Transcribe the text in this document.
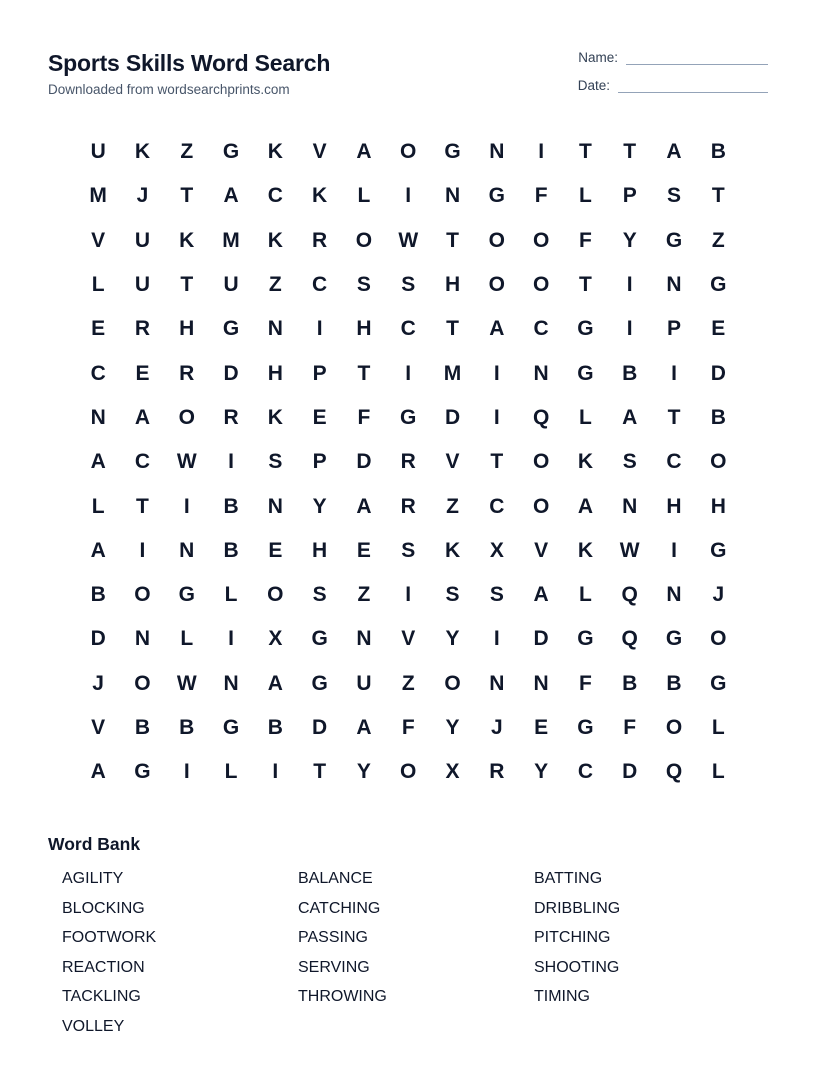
Sports Skills Word Search
Downloaded from wordsearchprints.com
Name:
Date:
U	K	Z	G	K	V	A	O	G	N	I	T	T	A	B
M	J	T	A	C	K	L	I	N	G	F	L	P	S	T
V	U	K	M	K	R	O	W	T	O	O	F	Y	G	Z
L	U	T	U	Z	C	S	S	H	O	O	T	I	N	G
E	R	H	G	N	I	H	C	T	A	C	G	I	P	E
C	E	R	D	H	P	T	I	M	I	N	G	B	I	D
N	A	O	R	K	E	F	G	D	I	Q	L	A	T	B
A	C	W	I	S	P	D	R	V	T	O	K	S	C	O
L	T	I	B	N	Y	A	R	Z	C	O	A	N	H	H
A	I	N	B	E	H	E	S	K	X	V	K	W	I	G
B	O	G	L	O	S	Z	I	S	S	A	L	Q	N	J
D	N	L	I	X	G	N	V	Y	I	D	G	Q	G	O
J	O	W	N	A	G	U	Z	O	N	N	F	B	B	G
V	B	B	G	B	D	A	F	Y	J	E	G	F	O	L
A	G	I	L	I	T	Y	O	X	R	Y	C	D	Q	L
Word Bank
AGILITY	BALANCE	BATTING
BLOCKING	CATCHING	DRIBBLING
FOOTWORK	PASSING	PITCHING
REACTION	SERVING	SHOOTING
TACKLING	THROWING	TIMING
VOLLEY
